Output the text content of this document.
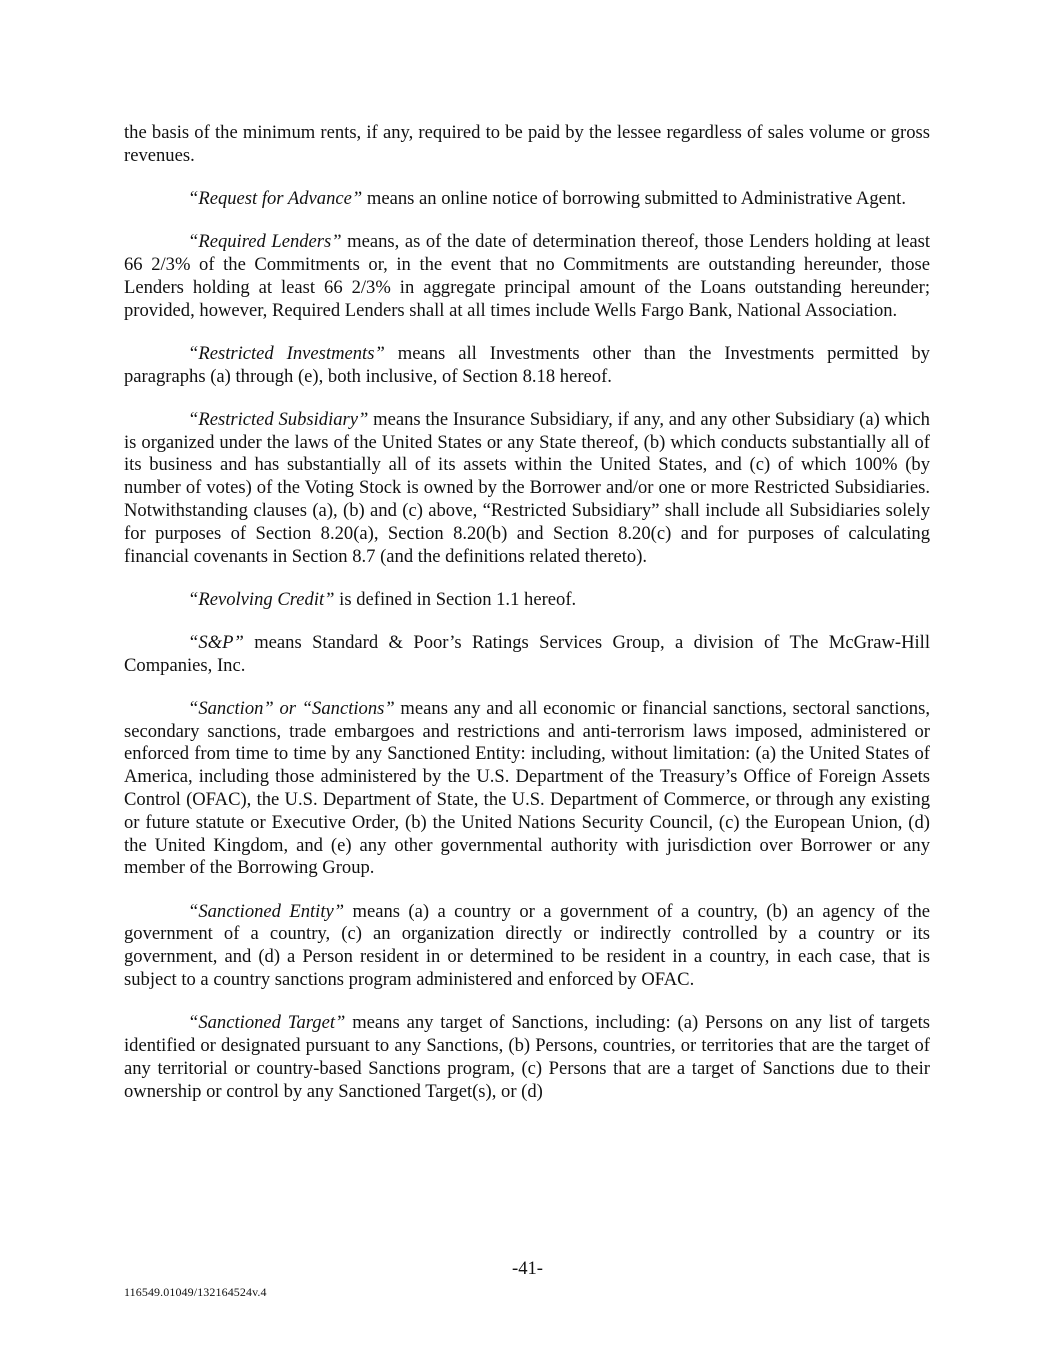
the basis of the minimum rents, if any, required to be paid by the lessee regardless of sales volume or gross revenues.

“Request for Advance” means an online notice of borrowing submitted to Administrative Agent.

“Required Lenders” means, as of the date of determination thereof, those Lenders holding at least 66 2/3% of the Commitments or, in the event that no Commitments are outstanding hereunder, those Lenders holding at least 66 2/3% in aggregate principal amount of the Loans outstanding hereunder; provided, however, Required Lenders shall at all times include Wells Fargo Bank, National Association.

“Restricted Investments” means all Investments other than the Investments permitted by paragraphs (a) through (e), both inclusive, of Section 8.18 hereof.

“Restricted Subsidiary” means the Insurance Subsidiary, if any, and any other Subsidiary (a) which is organized under the laws of the United States or any State thereof, (b) which conducts substantially all of its business and has substantially all of its assets within the United States, and (c) of which 100% (by number of votes) of the Voting Stock is owned by the Borrower and/or one or more Restricted Subsidiaries. Notwithstanding clauses (a), (b) and (c) above, “Restricted Subsidiary” shall include all Subsidiaries solely for purposes of Section 8.20(a), Section 8.20(b) and Section 8.20(c) and for purposes of calculating financial covenants in Section 8.7 (and the definitions related thereto).

“Revolving Credit” is defined in Section 1.1 hereof.

“S&P” means Standard & Poor’s Ratings Services Group, a division of The McGraw-Hill Companies, Inc.

“Sanction” or “Sanctions” means any and all economic or financial sanctions, sectoral sanctions, secondary sanctions, trade embargoes and restrictions and anti-terrorism laws imposed, administered or enforced from time to time by any Sanctioned Entity: including, without limitation: (a) the United States of America, including those administered by the U.S. Department of the Treasury’s Office of Foreign Assets Control (OFAC), the U.S. Department of State, the U.S. Department of Commerce, or through any existing or future statute or Executive Order, (b) the United Nations Security Council, (c) the European Union, (d) the United Kingdom, and (e) any other governmental authority with jurisdiction over Borrower or any member of the Borrowing Group.

“Sanctioned Entity” means (a) a country or a government of a country, (b) an agency of the government of a country, (c) an organization directly or indirectly controlled by a country or its government, and (d) a Person resident in or determined to be resident in a country, in each case, that is subject to a country sanctions program administered and enforced by OFAC.

“Sanctioned Target” means any target of Sanctions, including: (a) Persons on any list of targets identified or designated pursuant to any Sanctions, (b) Persons, countries, or territories that are the target of any territorial or country-based Sanctions program, (c) Persons that are a target of Sanctions due to their ownership or control by any Sanctioned Target(s), or (d)

-41-
116549.01049/132164524v.4
